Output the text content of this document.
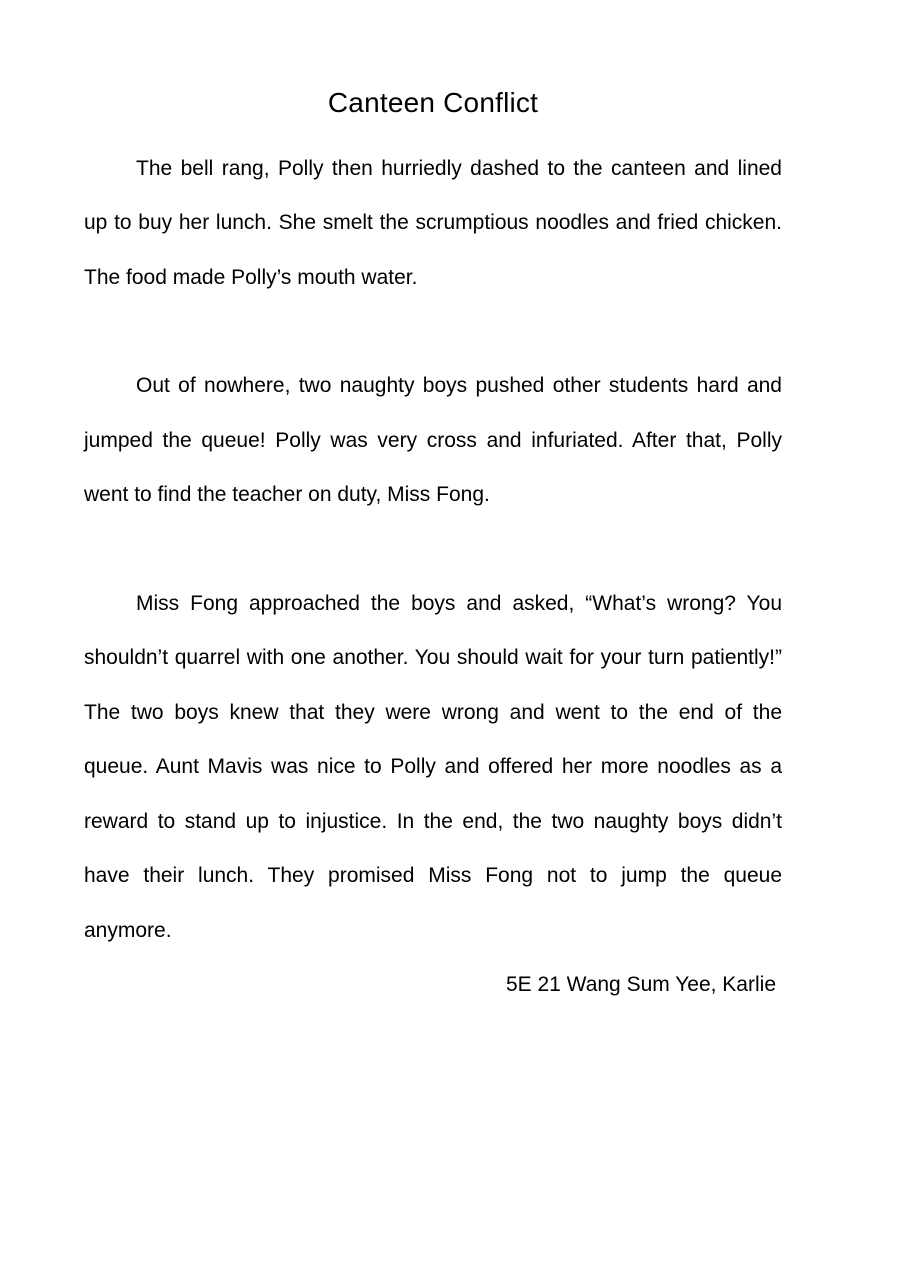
Canteen Conflict

The bell rang, Polly then hurriedly dashed to the canteen and lined up to buy her lunch. She smelt the scrumptious noodles and fried chicken. The food made Polly’s mouth water.

Out of nowhere, two naughty boys pushed other students hard and jumped the queue! Polly was very cross and infuriated. After that, Polly went to find the teacher on duty, Miss Fong.

Miss Fong approached the boys and asked, “What’s wrong? You shouldn’t quarrel with one another. You should wait for your turn patiently!” The two boys knew that they were wrong and went to the end of the queue. Aunt Mavis was nice to Polly and offered her more noodles as a reward to stand up to injustice. In the end, the two naughty boys didn’t have their lunch. They promised Miss Fong not to jump the queue anymore.

5E 21 Wang Sum Yee, Karlie
